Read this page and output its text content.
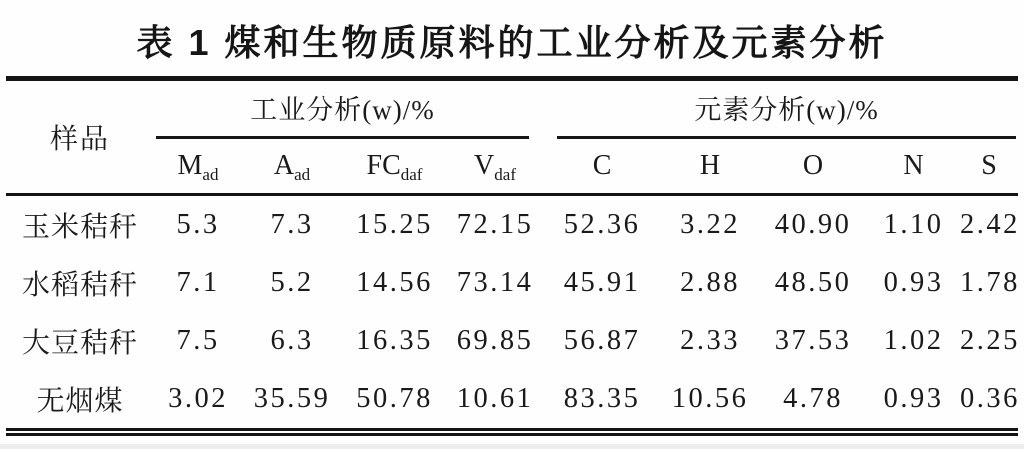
表 1 煤和生物质原料的工业分析及元素分析
样品	工业分析(w)/%				元素分析(w)/%				

	$M_{ad}$	$A_{ad}$	$FC_{daf}$	$V_{daf}$	C	H	O	N	S
玉米秸秆	5.3	7.3	15.25	72.15	52.36	3.22	40.90	1.10	2.42
水稻秸秆	7.1	5.2	14.56	73.14	45.91	2.88	48.50	0.93	1.78
大豆秸秆	7.5	6.3	16.35	69.85	56.87	2.33	37.53	1.02	2.25
无烟煤	3.02	35.59	50.78	10.61	83.35	10.56	4.78	0.93	0.36
